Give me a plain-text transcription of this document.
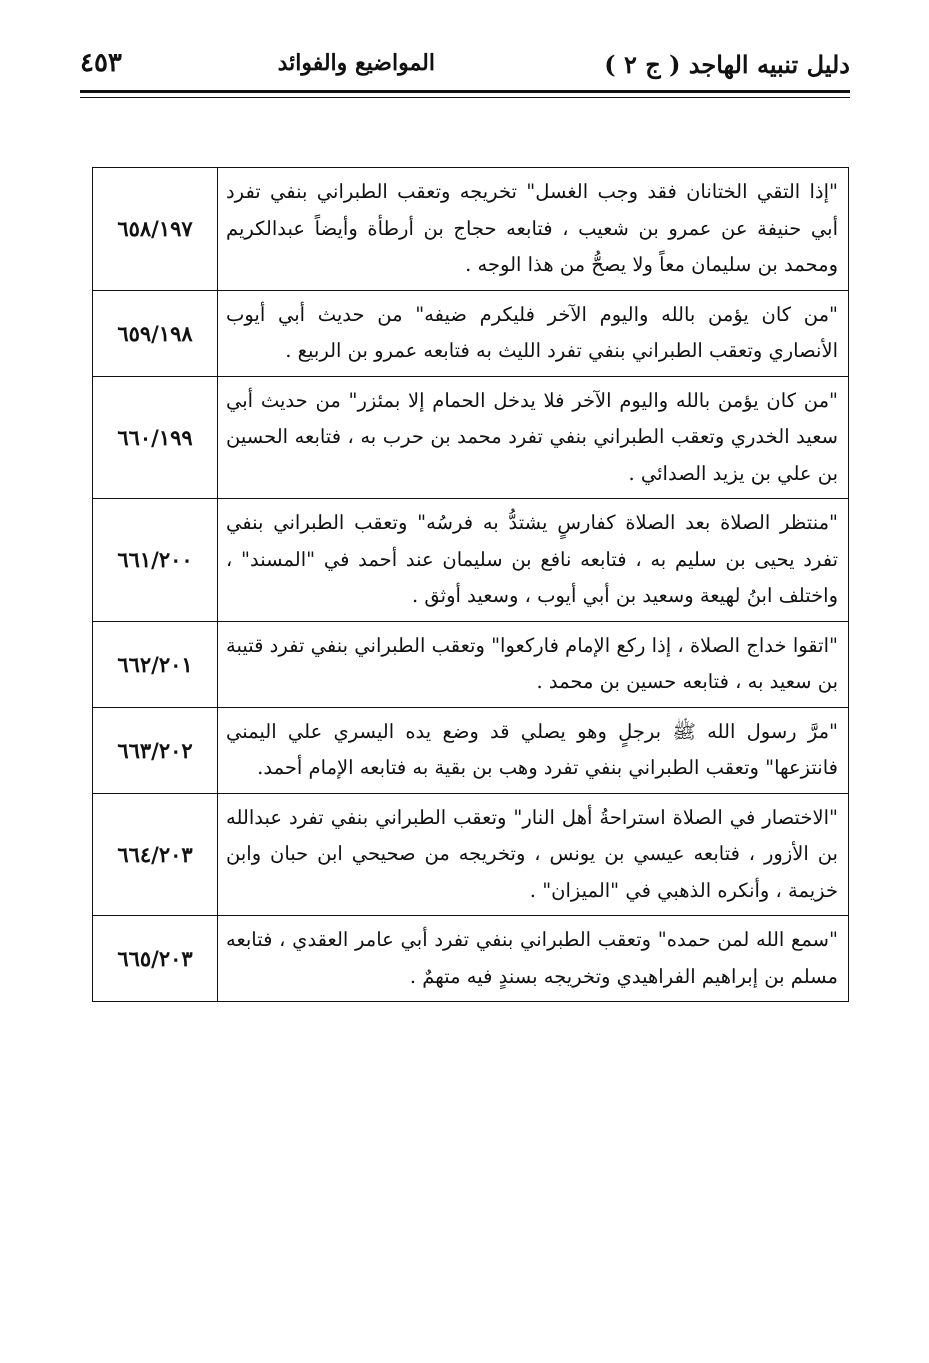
دليل تنبيه الهاجد ( ج ٢ )
المواضيع والفوائد
٤٥٣
"إذا التقي الختانان فقد وجب الغسل" تخريجه وتعقب الطبراني بنفي تفرد أبي حنيفة عن عمرو بن شعيب ، فتابعه حجاج بن أرطأة وأيضاً عبدالكريم ومحمد بن سليمان معاً ولا يصحُّ من هذا الوجه .	٦٥٨/١٩٧
"من كان يؤمن بالله واليوم الآخر فليكرم ضيفه" من حديث أبي أيوب الأنصاري وتعقب الطبراني بنفي تفرد الليث به فتابعه عمرو بن الربيع .	٦٥٩/١٩٨
"من كان يؤمن بالله واليوم الآخر فلا يدخل الحمام إلا بمئزر" من حديث أبي سعيد الخدري وتعقب الطبراني بنفي تفرد محمد بن حرب به ، فتابعه الحسين بن علي بن يزيد الصدائي .	٦٦٠/١٩٩
"منتظر الصلاة بعد الصلاة كفارسٍ يشتدُّ به فرسُه" وتعقب الطبراني بنفي تفرد يحيى بن سليم به ، فتابعه نافع بن سليمان عند أحمد في "المسند" ، واختلف ابنُ لهيعة وسعيد بن أبي أيوب ، وسعيد أوثق .	٦٦١/٢٠٠
"اتقوا خداج الصلاة ، إذا ركع الإمام فاركعوا" وتعقب الطبراني بنفي تفرد قتيبة بن سعيد به ، فتابعه حسين بن محمد .	٦٦٢/٢٠١
"مرَّ رسول الله ﷺ برجلٍ وهو يصلي قد وضع يده اليسري علي اليمني فانتزعها" وتعقب الطبراني بنفي تفرد وهب بن بقية به فتابعه الإمام أحمد.	٦٦٣/٢٠٢
"الاختصار في الصلاة استراحةُ أهل النار" وتعقب الطبراني بنفي تفرد عبدالله بن الأزور ، فتابعه عيسي بن يونس ، وتخريجه من صحيحي ابن حبان وابن خزيمة ، وأنكره الذهبي في "الميزان" .	٦٦٤/٢٠٣
"سمع الله لمن حمده" وتعقب الطبراني بنفي تفرد أبي عامر العقدي ، فتابعه مسلم بن إبراهيم الفراهيدي وتخريجه بسندٍ فيه متهمٌ .	٦٦٥/٢٠٣
